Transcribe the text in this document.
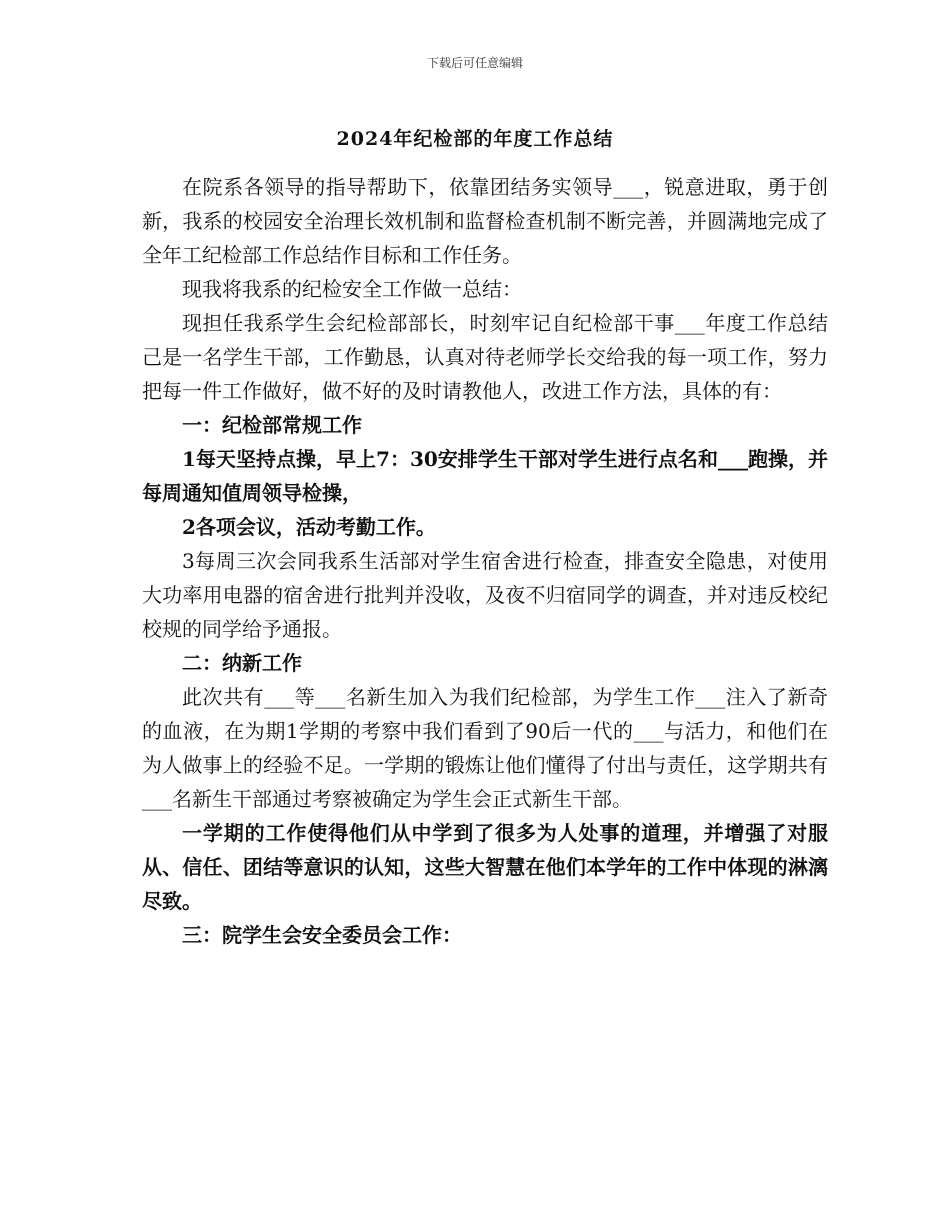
下载后可任意编辑
2024年纪检部的年度工作总结

在院系各领导的指导帮助下，依靠团结务实领导___，锐意进取，勇于创新，我系的校园安全治理长效机制和监督检查机制不断完善，并圆满地完成了全年工纪检部工作总结作目标和工作任务。

现我将我系的纪检安全工作做一总结：

现担任我系学生会纪检部部长，时刻牢记自纪检部干事___年度工作总结己是一名学生干部，工作勤恳，认真对待老师学长交给我的每一项工作，努力把每一件工作做好，做不好的及时请教他人，改进工作方法，具体的有：

一：纪检部常规工作

1每天坚持点操，早上7：30安排学生干部对学生进行点名和___跑操，并每周通知值周领导检操，

2各项会议，活动考勤工作。

3每周三次会同我系生活部对学生宿舍进行检查，排查安全隐患，对使用大功率用电器的宿舍进行批判并没收，及夜不归宿同学的调查，并对违反校纪校规的同学给予通报。

二：纳新工作

此次共有___等___名新生加入为我们纪检部，为学生工作___注入了新奇的血液，在为期1学期的考察中我们看到了90后一代的___与活力，和他们在为人做事上的经验不足。一学期的锻炼让他们懂得了付出与责任，这学期共有___名新生干部通过考察被确定为学生会正式新生干部。

一学期的工作使得他们从中学到了很多为人处事的道理，并增强了对服从、信任、团结等意识的认知，这些大智慧在他们本学年的工作中体现的淋漓尽致。

三：院学生会安全委员会工作：
